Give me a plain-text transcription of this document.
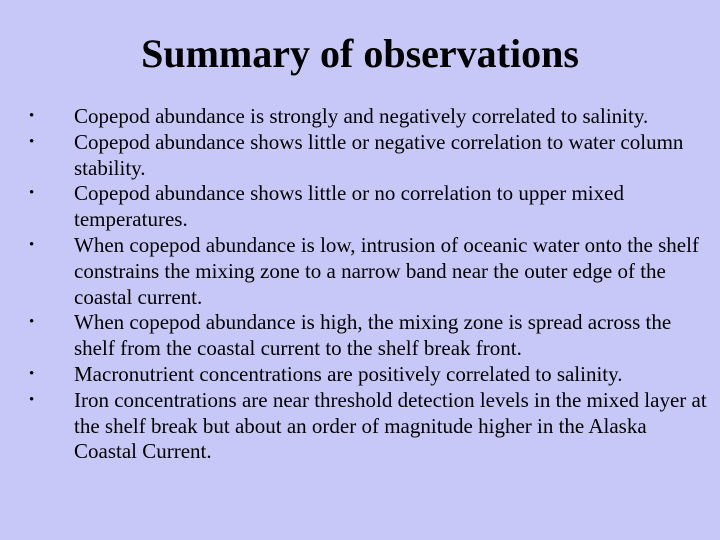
Summary of observations
• Copepod abundance is strongly and negatively correlated to salinity.
• Copepod abundance shows little or negative correlation to water column stability.
• Copepod abundance shows little or no correlation to upper mixed temperatures.
• When copepod abundance is low, intrusion of oceanic water onto the shelf constrains the mixing zone to a narrow band near the outer edge of the coastal current.
• When copepod abundance is high, the mixing zone is spread across the shelf from the coastal current to the shelf break front.
• Macronutrient concentrations are positively correlated to salinity.
• Iron concentrations are near threshold detection levels in the mixed layer at the shelf break but about an order of magnitude higher in the Alaska Coastal Current.
